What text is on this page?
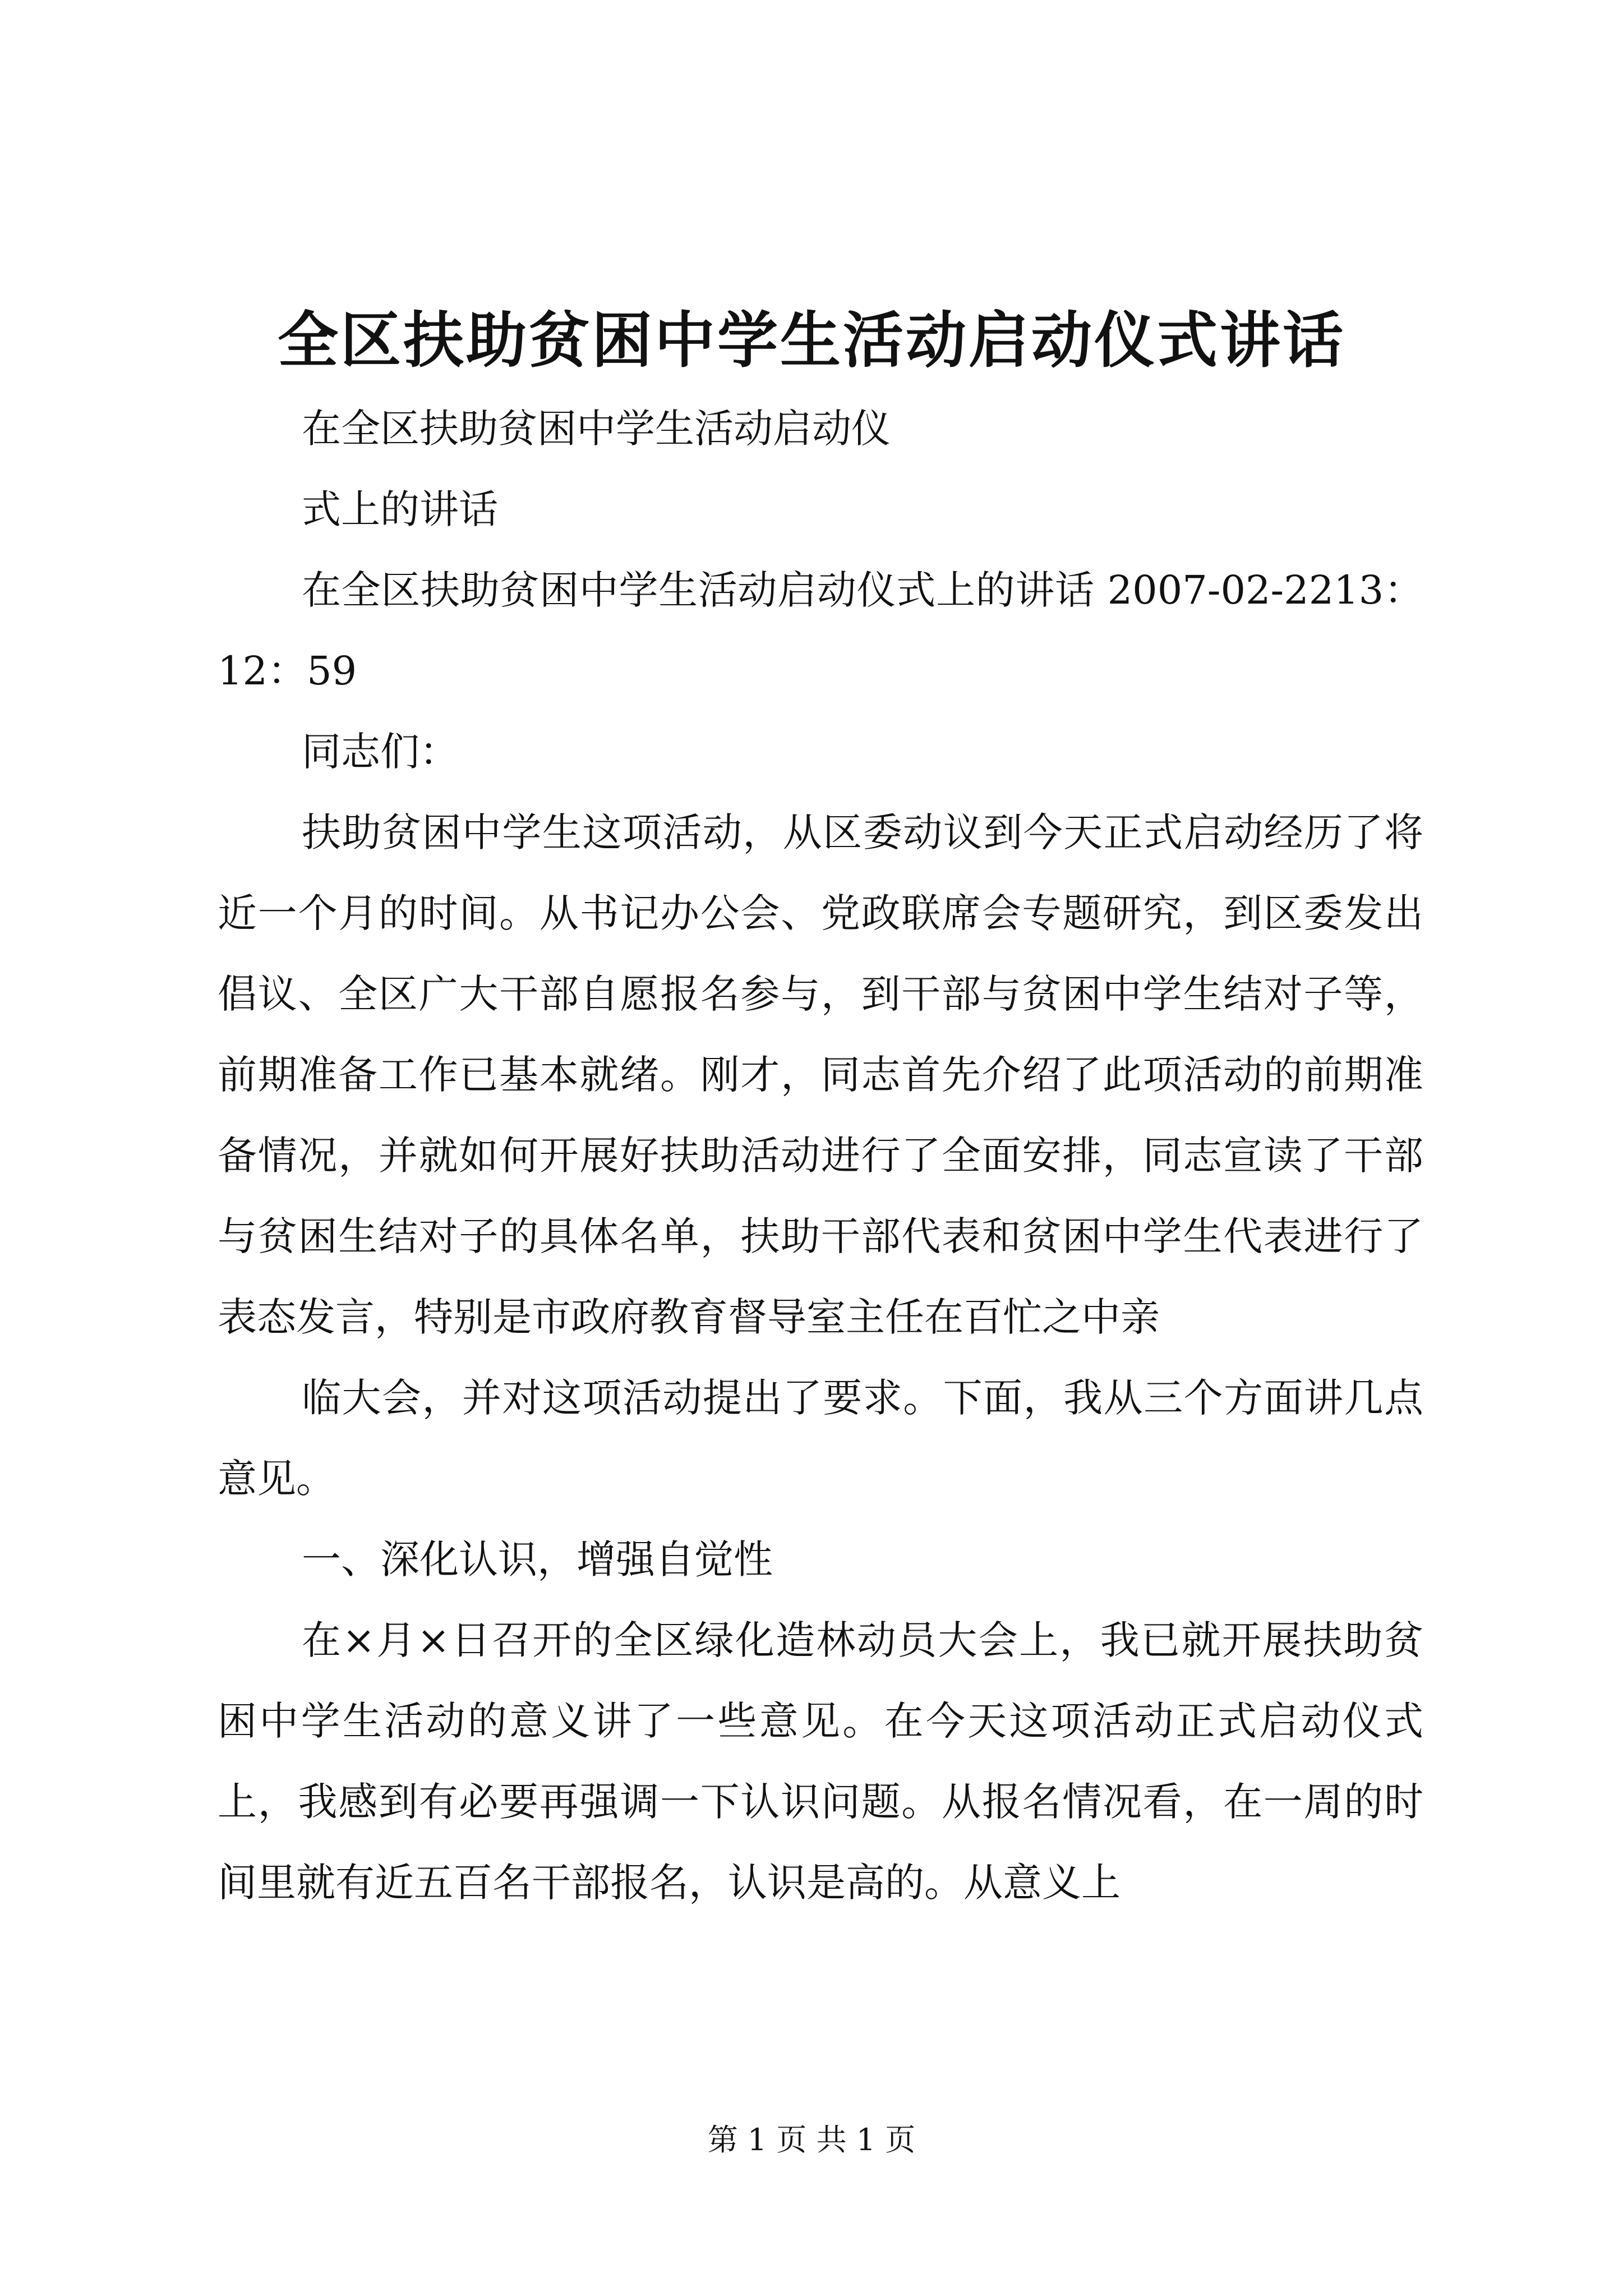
全区扶助贫困中学生活动启动仪式讲话

在全区扶助贫困中学生活动启动仪

式上的讲话

在全区扶助贫困中学生活动启动仪式上的讲话 2007-02-2213：12：59

同志们：

扶助贫困中学生这项活动，从区委动议到今天正式启动经历了将近一个月的时间。从书记办公会、党政联席会专题研究，到区委发出倡议、全区广大干部自愿报名参与，到干部与贫困中学生结对子等，前期准备工作已基本就绪。刚才，同志首先介绍了此项活动的前期准备情况，并就如何开展好扶助活动进行了全面安排，同志宣读了干部与贫困生结对子的具体名单，扶助干部代表和贫困中学生代表进行了表态发言，特别是市政府教育督导室主任在百忙之中亲

临大会，并对这项活动提出了要求。下面，我从三个方面讲几点意见。

一、深化认识，增强自觉性

在×月×日召开的全区绿化造林动员大会上，我已就开展扶助贫困中学生活动的意义讲了一些意见。在今天这项活动正式启动仪式上，我感到有必要再强调一下认识问题。从报名情况看，在一周的时间里就有近五百名干部报名，认识是高的。从意义上

第 1 页 共 1 页
